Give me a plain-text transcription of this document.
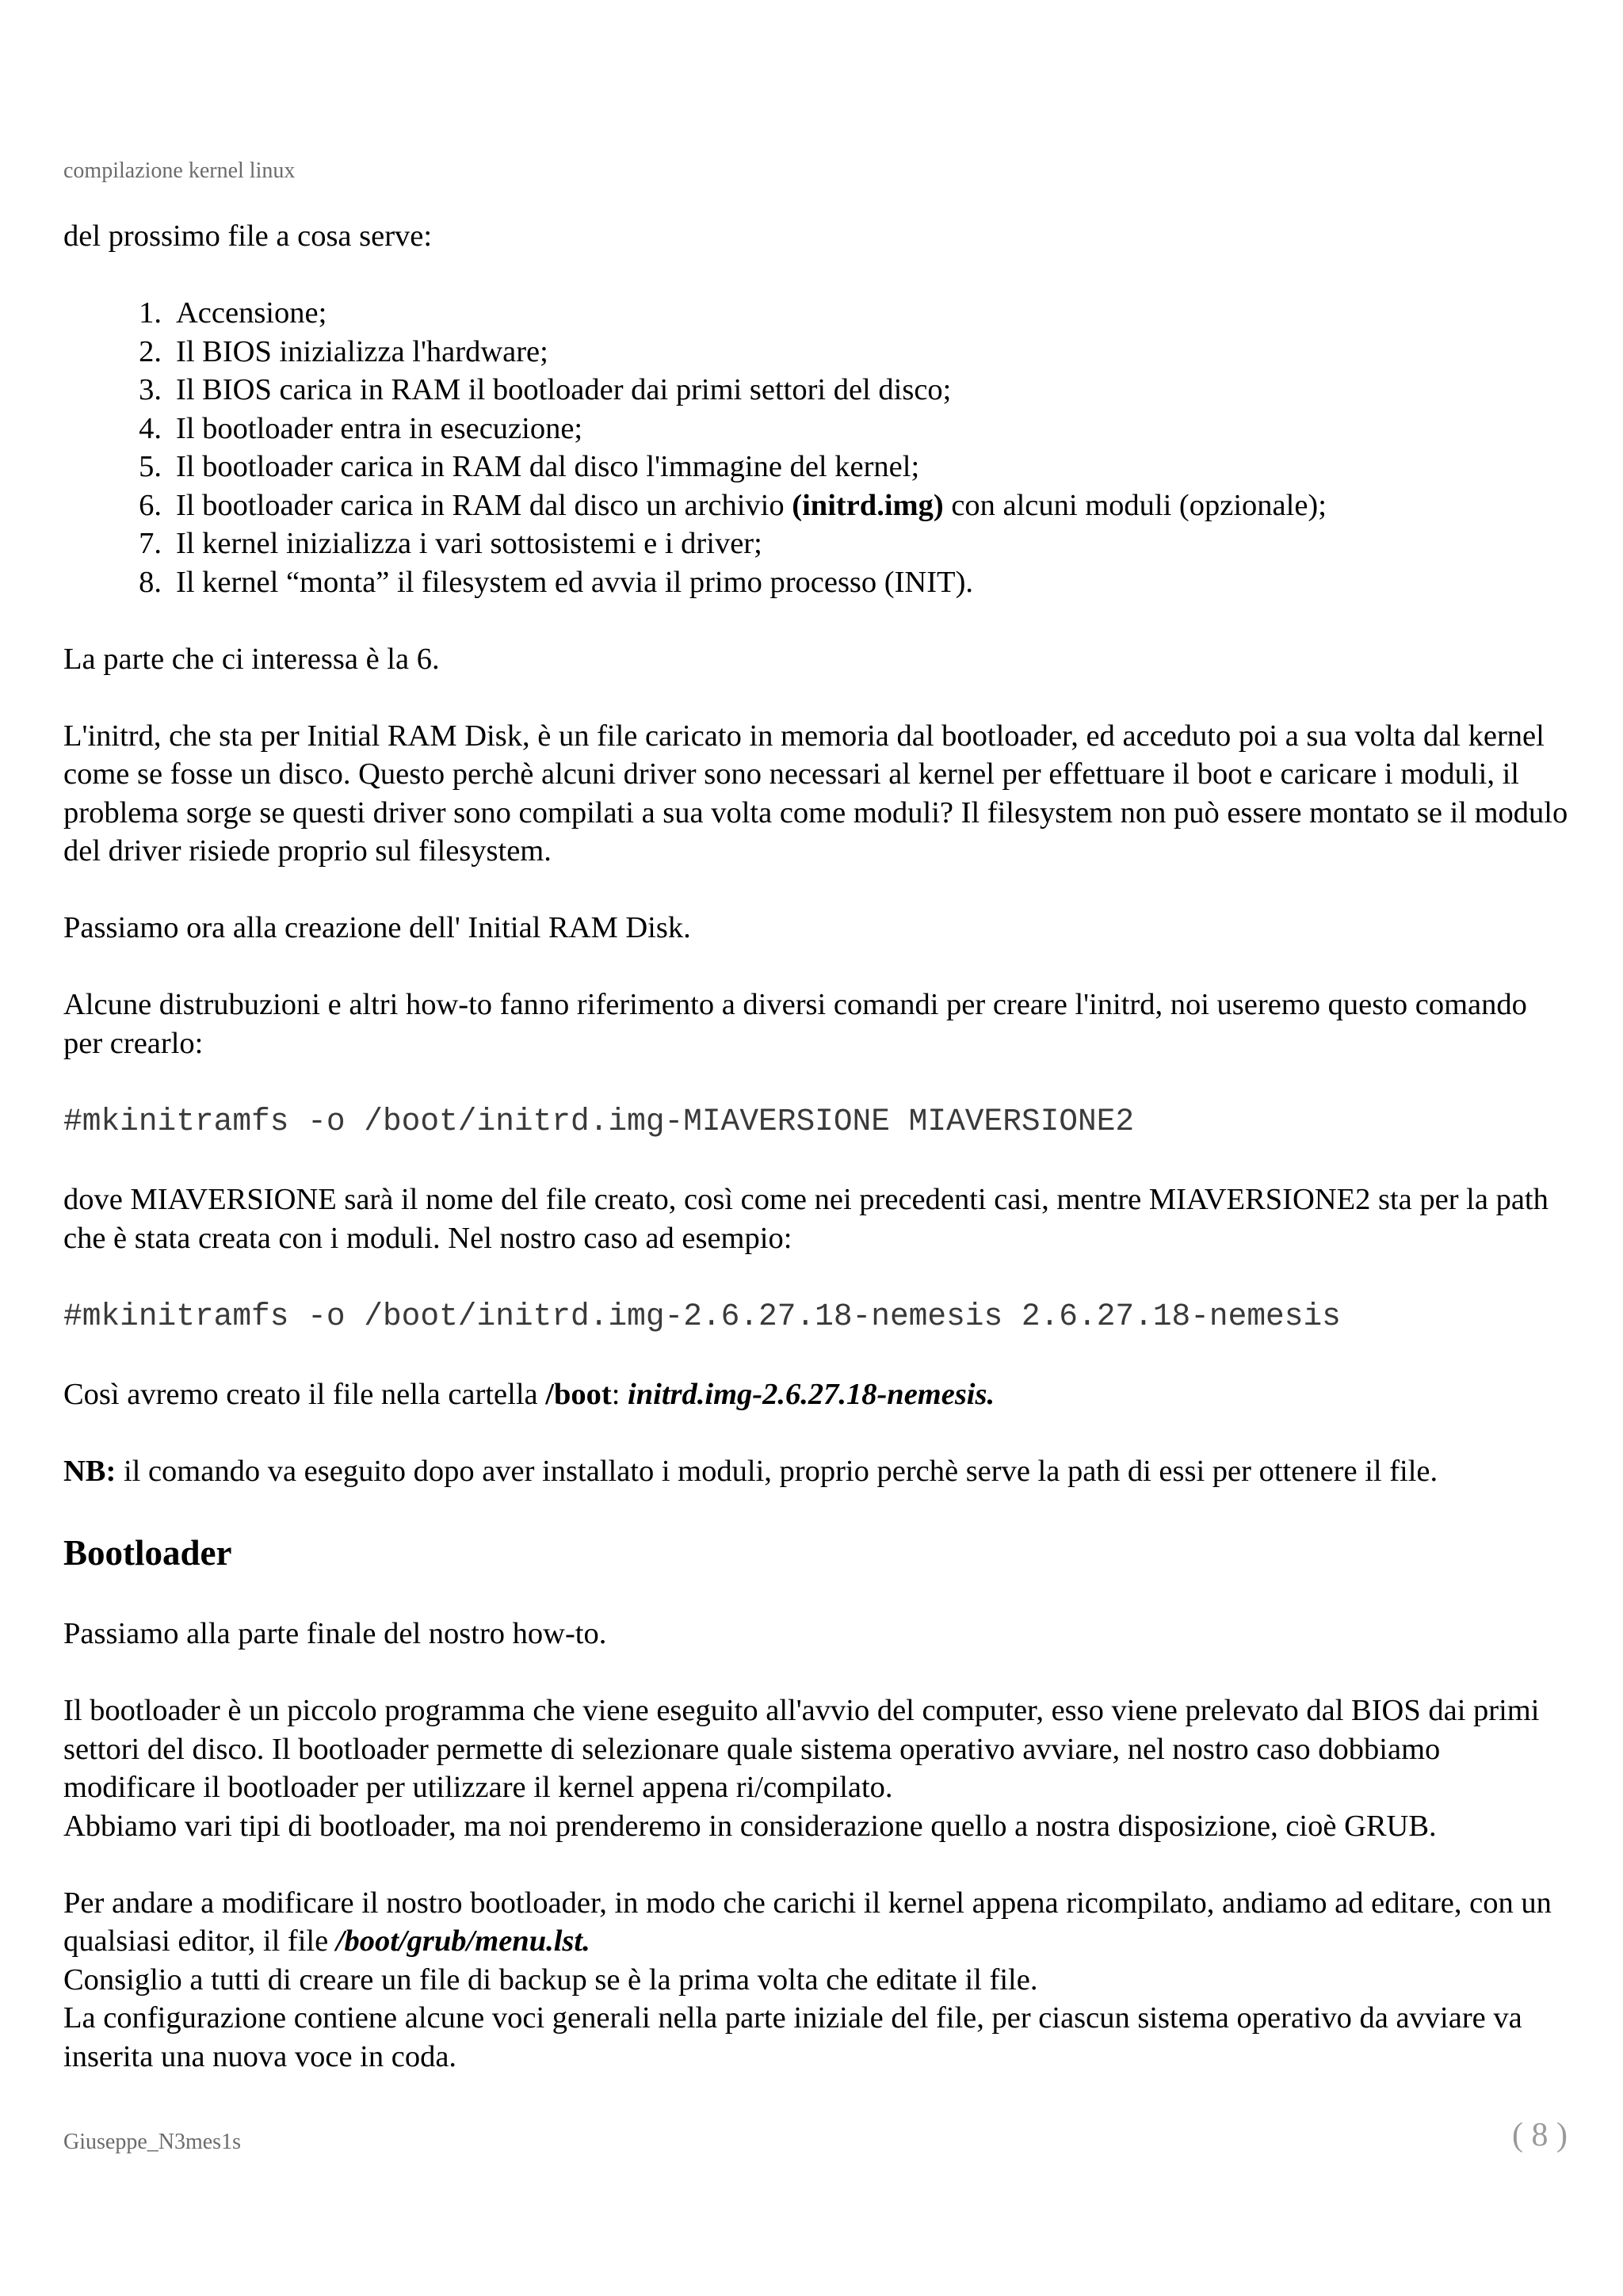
compilazione kernel linux

del prossimo file a cosa serve:

1 . Accensione;
2 . Il BIOS inizializza l'hardware;
3 . Il BIOS carica in RAM il bootloader dai primi settori del disco;
4 . Il bootloader entra in esecuzione;
5 . Il bootloader carica in RAM dal disco l'immagine del kernel;
6 . Il bootloader carica in RAM dal disco un archivio (initrd.img) con alcuni moduli (opzionale);
7 . Il kernel inizializza i vari sottosistemi e i driver;
8 . Il kernel “monta” il filesystem ed avvia il primo processo (INIT).

La parte che ci interessa è la 6.

L'initrd, che sta per Initial RAM Disk, è un file caricato in memoria dal bootloader, ed acceduto poi a sua volta dal kernel come se fosse un disco. Questo perchè alcuni driver sono necessari al kernel per effettuare il boot e caricare i moduli, il problema sorge se questi driver sono compilati a sua volta come moduli? Il filesystem non può essere montato se il modulo del driver risiede proprio sul filesystem.

Passiamo ora alla creazione dell' Initial RAM Disk.

Alcune distrubuzioni e altri how-to fanno riferimento a diversi comandi per creare l'initrd, noi useremo questo comando per crearlo:

#mkinitramfs -o /boot/initrd.img-MIAVERSIONE MIAVERSIONE2

dove MIAVERSIONE sarà il nome del file creato, così come nei precedenti casi, mentre MIAVERSIONE2 sta per la path che è stata creata con i moduli. Nel nostro caso ad esempio:

#mkinitramfs -o /boot/initrd.img-2.6.27.18-nemesis 2.6.27.18-nemesis

Così avremo creato il file nella cartella /boot: initrd.img-2.6.27.18-nemesis.

NB: il comando va eseguito dopo aver installato i moduli, proprio perchè serve la path di essi per ottenere il file.

Bootloader

Passiamo alla parte finale del nostro how-to.

Il bootloader è un piccolo programma che viene eseguito all'avvio del computer, esso viene prelevato dal BIOS dai primi settori del disco. Il bootloader permette di selezionare quale sistema operativo avviare, nel nostro caso dobbiamo modificare il bootloader per utilizzare il kernel appena ri/compilato.

Abbiamo vari tipi di bootloader, ma noi prenderemo in considerazione quello a nostra disposizione, cioè GRUB.

Per andare a modificare il nostro bootloader, in modo che carichi il kernel appena ricompilato, andiamo ad editare, con un qualsiasi editor, il file /boot/grub/menu.lst.

Consiglio a tutti di creare un file di backup se è la prima volta che editate il file.

La configurazione contiene alcune voci generali nella parte iniziale del file, per ciascun sistema operativo da avviare va inserita una nuova voce in coda.

Giuseppe_N3mes1s
(	8 )
